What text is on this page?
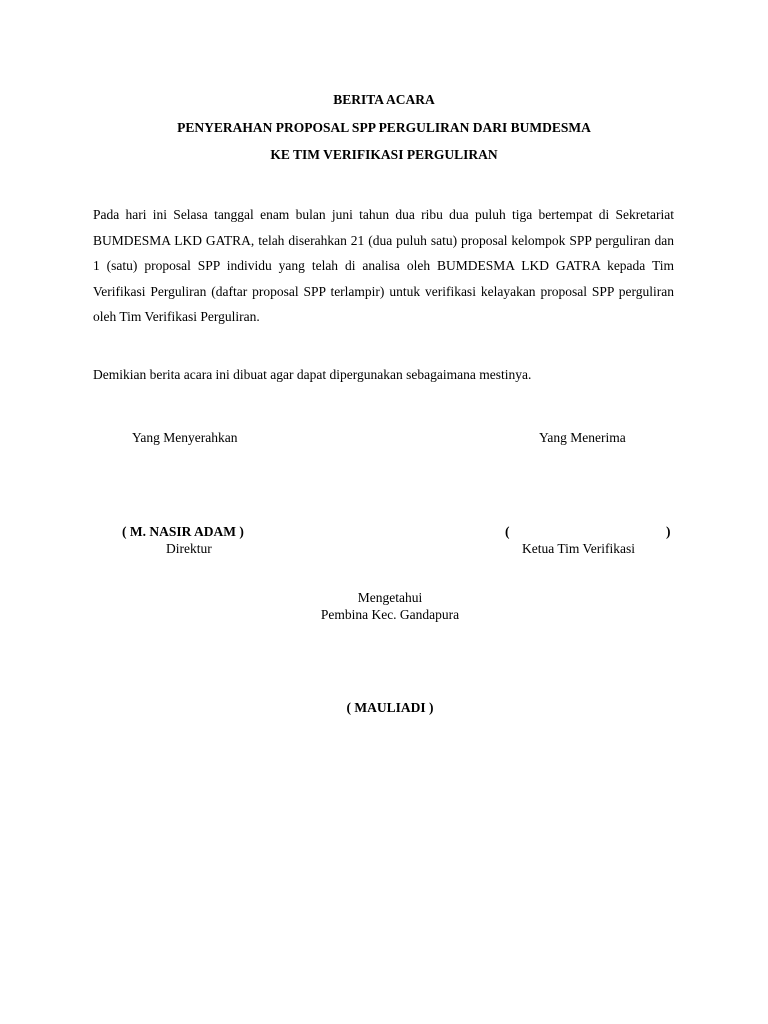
BERITA ACARA
PENYERAHAN PROPOSAL SPP PERGULIRAN DARI BUMDESMA
KE TIM VERIFIKASI PERGULIRAN

Pada hari ini Selasa tanggal enam bulan juni tahun dua ribu dua puluh tiga bertempat di Sekretariat BUMDESMA LKD GATRA, telah diserahkan 21 (dua puluh satu) proposal kelompok SPP perguliran dan 1 (satu) proposal SPP individu yang telah di analisa oleh BUMDESMA LKD GATRA kepada Tim Verifikasi Perguliran (daftar proposal SPP terlampir) untuk verifikasi kelayakan proposal SPP perguliran oleh Tim Verifikasi Perguliran.

Demikian berita acara ini dibuat agar dapat dipergunakan sebagaimana mestinya.

Yang Menyerahkan	Yang Menerima
( M. NASIR ADAM )	(	)
Direktur	Ketua Tim Verifikasi
Mengetahui
Pembina Kec. Gandapura
( MAULIADI )
